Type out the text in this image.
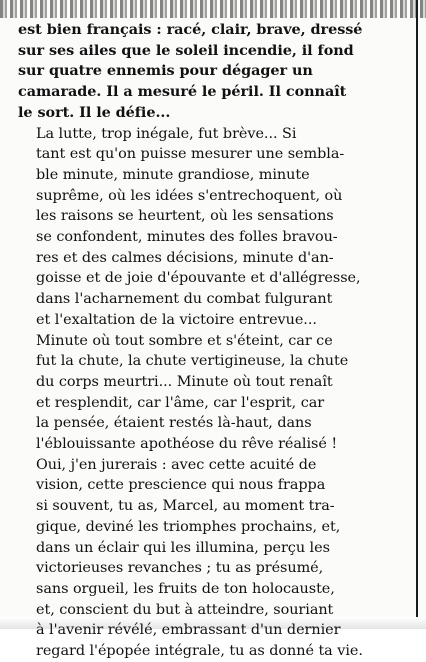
est bien français : racé, clair, brave, dressé
sur ses ailes que le soleil incendie, il fond
sur quatre ennemis pour dégager un
camarade. Il a mesuré le péril. Il connaît
le sort. Il le défie...
La lutte, trop inégale, fut brève... Si
tant est qu'on puisse mesurer une sembla-
ble minute, minute grandiose, minute
suprême, où les idées s'entrechoquent, où
les raisons se heurtent, où les sensations
se confondent, minutes des folles bravou-
res et des calmes décisions, minute d'an-
goisse et de joie d'épouvante et d'allégresse,
dans l'acharnement du combat fulgurant
et l'exaltation de la victoire entrevue...
Minute où tout sombre et s'éteint, car ce
fut la chute, la chute vertigineuse, la chute
du corps meurtri... Minute où tout renaît
et resplendit, car l'âme, car l'esprit, car
la pensée, étaient restés là-haut, dans
l'éblouissante apothéose du rêve réalisé !
Oui, j'en jurerais : avec cette acuité de
vision, cette prescience qui nous frappa
si souvent, tu as, Marcel, au moment tra-
gique, deviné les triomphes prochains, et,
dans un éclair qui les illumina, perçu les
victorieuses revanches ; tu as présumé,
sans orgueil, les fruits de ton holocauste,
et, conscient du but à atteindre, souriant
à l'avenir révélé, embrassant d'un dernier
regard l'épopée intégrale, tu as donné ta vie.
